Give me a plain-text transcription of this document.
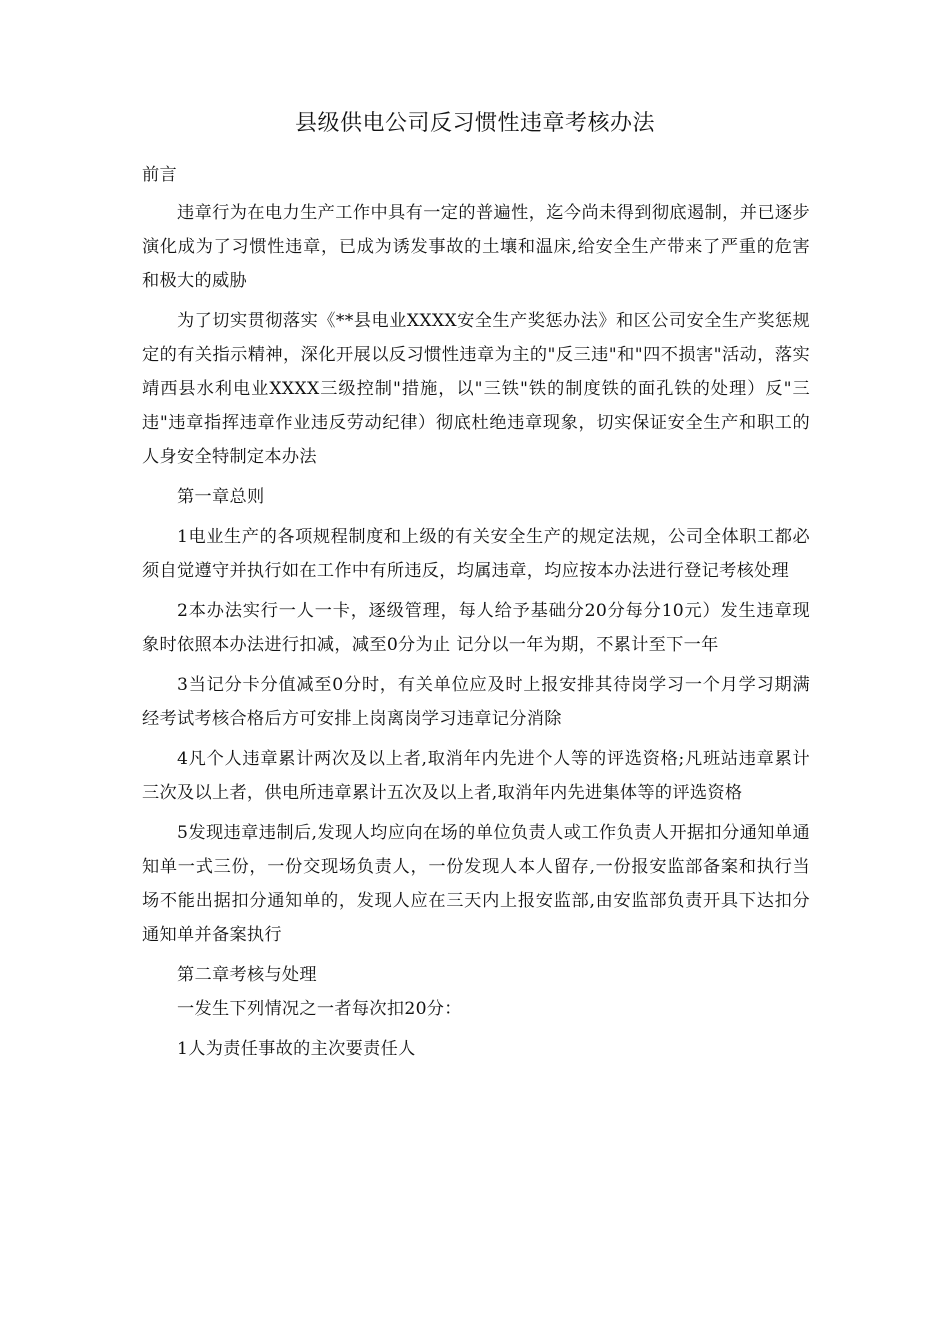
县级供电公司反习惯性违章考核办法

前言

违章行为在电力生产工作中具有一定的普遍性，迄今尚未得到彻底遏制，并已逐步演化成为了习惯性违章，已成为诱发事故的土壤和温床,给安全生产带来了严重的危害和极大的威胁

为了切实贯彻落实《**县电业XXXX安全生产奖惩办法》和区公司安全生产奖惩规定的有关指示精神，深化开展以反习惯性违章为主的"反三违"和"四不损害"活动，落实靖西县水利电业XXXX三级控制"措施，以"三铁"铁的制度铁的面孔铁的处理）反"三违"违章指挥违章作业违反劳动纪律）彻底杜绝违章现象，切实保证安全生产和职工的人身安全特制定本办法

第一章总则

1电业生产的各项规程制度和上级的有关安全生产的规定法规，公司全体职工都必须自觉遵守并执行如在工作中有所违反，均属违章，均应按本办法进行登记考核处理

2本办法实行一人一卡，逐级管理，每人给予基础分20分每分10元）发生违章现象时依照本办法进行扣减，减至0分为止 记分以一年为期，不累计至下一年

3当记分卡分值减至0分时，有关单位应及时上报安排其待岗学习一个月学习期满经考试考核合格后方可安排上岗离岗学习违章记分消除

4凡个人违章累计两次及以上者,取消年内先进个人等的评选资格;凡班站违章累计三次及以上者，供电所违章累计五次及以上者,取消年内先进集体等的评选资格

5发现违章违制后,发现人均应向在场的单位负责人或工作负责人开据扣分通知单通知单一式三份，一份交现场负责人，一份发现人本人留存,一份报安监部备案和执行当场不能出据扣分通知单的，发现人应在三天内上报安监部,由安监部负责开具下达扣分通知单并备案执行

第二章考核与处理

一发生下列情况之一者每次扣20分：

1人为责任事故的主次要责任人
